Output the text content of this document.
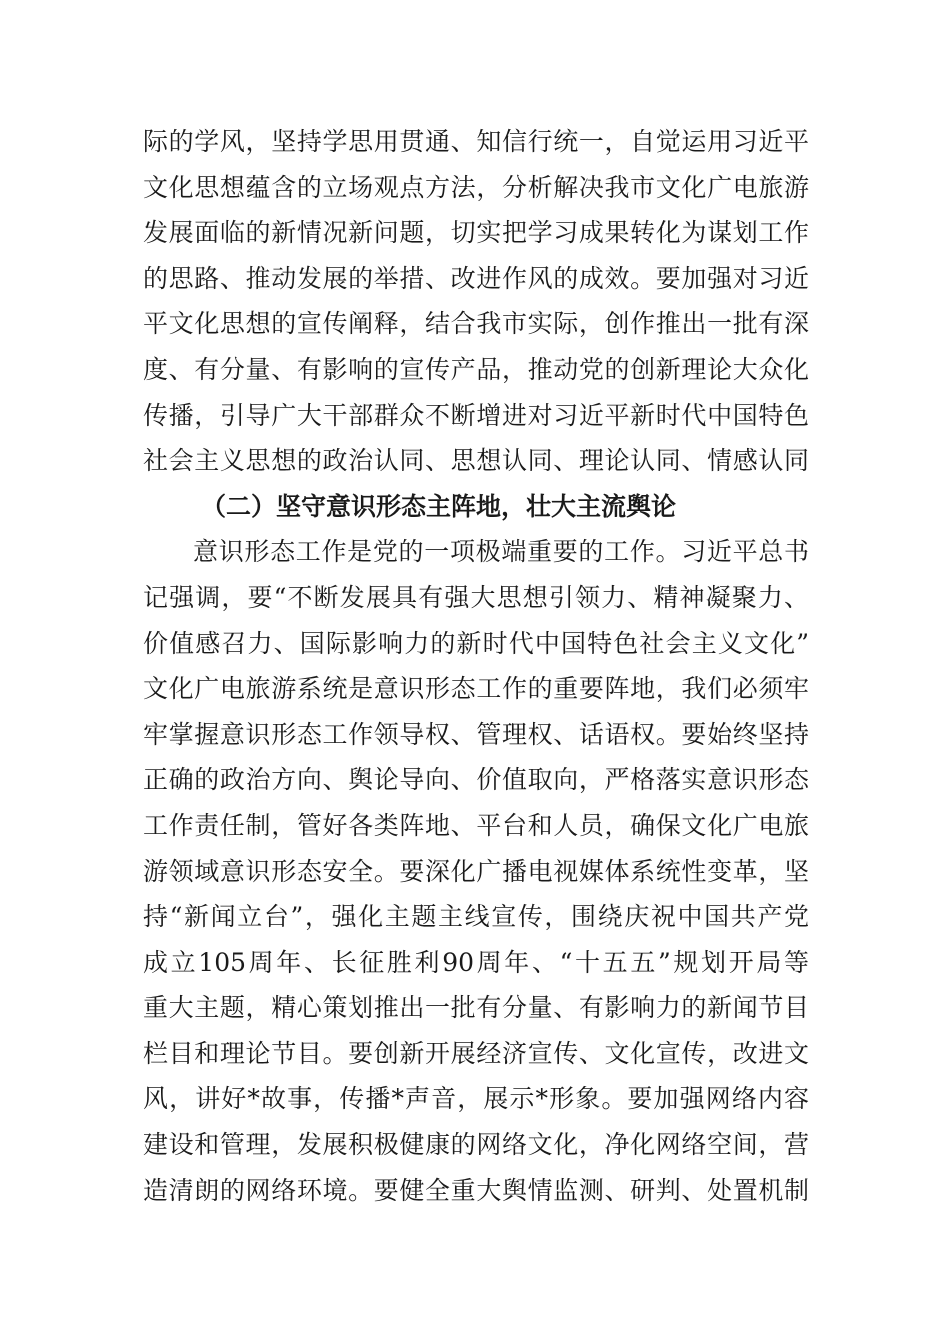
际的学风，坚持学思用贯通、知信行统一，自觉运用习近平
文化思想蕴含的立场观点方法，分析解决我市文化广电旅游
发展面临的新情况新问题，切实把学习成果转化为谋划工作
的思路、推动发展的举措、改进作风的成效。要加强对习近
平文化思想的宣传阐释，结合我市实际，创作推出一批有深
度、有分量、有影响的宣传产品，推动党的创新理论大众化
传播，引导广大干部群众不断增进对习近平新时代中国特色
社会主义思想的政治认同、思想认同、理论认同、情感认同
（二）坚守意识形态主阵地，壮大主流舆论
意识形态工作是党的一项极端重要的工作。习近平总书
记强调，要“不断发展具有强大思想引领力、精神凝聚力、
价值感召力、国际影响力的新时代中国特色社会主义文化”
文化广电旅游系统是意识形态工作的重要阵地，我们必须牢
牢掌握意识形态工作领导权、管理权、话语权。要始终坚持
正确的政治方向、舆论导向、价值取向，严格落实意识形态
工作责任制，管好各类阵地、平台和人员，确保文化广电旅
游领域意识形态安全。要深化广播电视媒体系统性变革，坚
持“新闻立台”，强化主题主线宣传，围绕庆祝中国共产党
成立105周年、长征胜利90周年、“十五五”规划开局等
重大主题，精心策划推出一批有分量、有影响力的新闻节目
栏目和理论节目。要创新开展经济宣传、文化宣传，改进文
风，讲好*故事，传播*声音，展示*形象。要加强网络内容
建设和管理，发展积极健康的网络文化，净化网络空间，营
造清朗的网络环境。要健全重大舆情监测、研判、处置机制
